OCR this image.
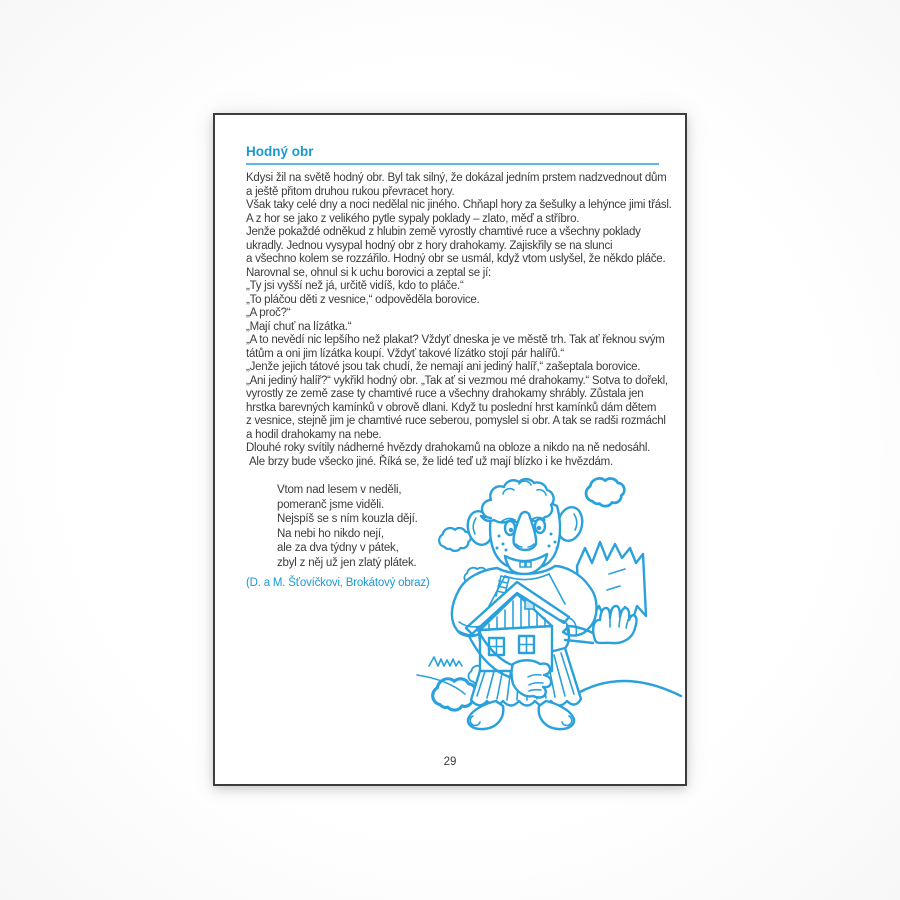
Hodný obr
Kdysi žil na světě hodný obr. Byl tak silný, že dokázal jedním prstem nadzvednout dům
a ještě přitom druhou rukou převracet hory.
Však taky celé dny a noci nedělal nic jiného. Chňapl hory za šešulky a lehýnce jimi třásl.
A z hor se jako z velikého pytle sypaly poklady – zlato, měď a stříbro.
Jenže pokaždé odněkud z hlubin země vyrostly chamtivé ruce a všechny poklady
ukradly. Jednou vysypal hodný obr z hory drahokamy. Zajiskřily se na slunci
a všechno kolem se rozzářilo. Hodný obr se usmál, když vtom uslyšel, že někdo pláče.
Narovnal se, ohnul si k uchu borovici a zeptal se jí:
„Ty jsi vyšší než já, určitě vidíš, kdo to pláče.“
„To pláčou děti z vesnice,“ odpověděla borovice.
„A proč?“
„Mají chuť na lízátka.“
„A to nevědí nic lepšího než plakat? Vždyť dneska je ve městě trh. Tak ať řeknou svým
tátům a oni jim lízátka koupí. Vždyť takové lízátko stojí pár halířů.“
„Jenže jejich tátové jsou tak chudí, že nemají ani jediný halíř,“ zašeptala borovice.
„Ani jediný halíř?“ vykřikl hodný obr. „Tak ať si vezmou mé drahokamy.“ Sotva to dořekl,
vyrostly ze země zase ty chamtivé ruce a všechny drahokamy shrábly. Zůstala jen
hrstka barevných kamínků v obrově dlani. Když tu poslední hrst kamínků dám dětem
z vesnice, stejně jim je chamtivé ruce seberou, pomyslel si obr. A tak se radši rozmáchl
a hodil drahokamy na nebe.
Dlouhé roky svítily nádherné hvězdy drahokamů na obloze a nikdo na ně nedosáhl.
Ale brzy bude všecko jiné. Říká se, že lidé teď už mají blízko i ke hvězdám.
Vtom nad lesem v neděli,
pomeranč jsme viděli.
Nejspíš se s ním kouzla dějí.
Na nebi ho nikdo nejí,
ale za dva týdny v pátek,
zbyl z něj už jen zlatý plátek.
(D. a M. Šťovíčkovi, Brokátový obraz)
29
